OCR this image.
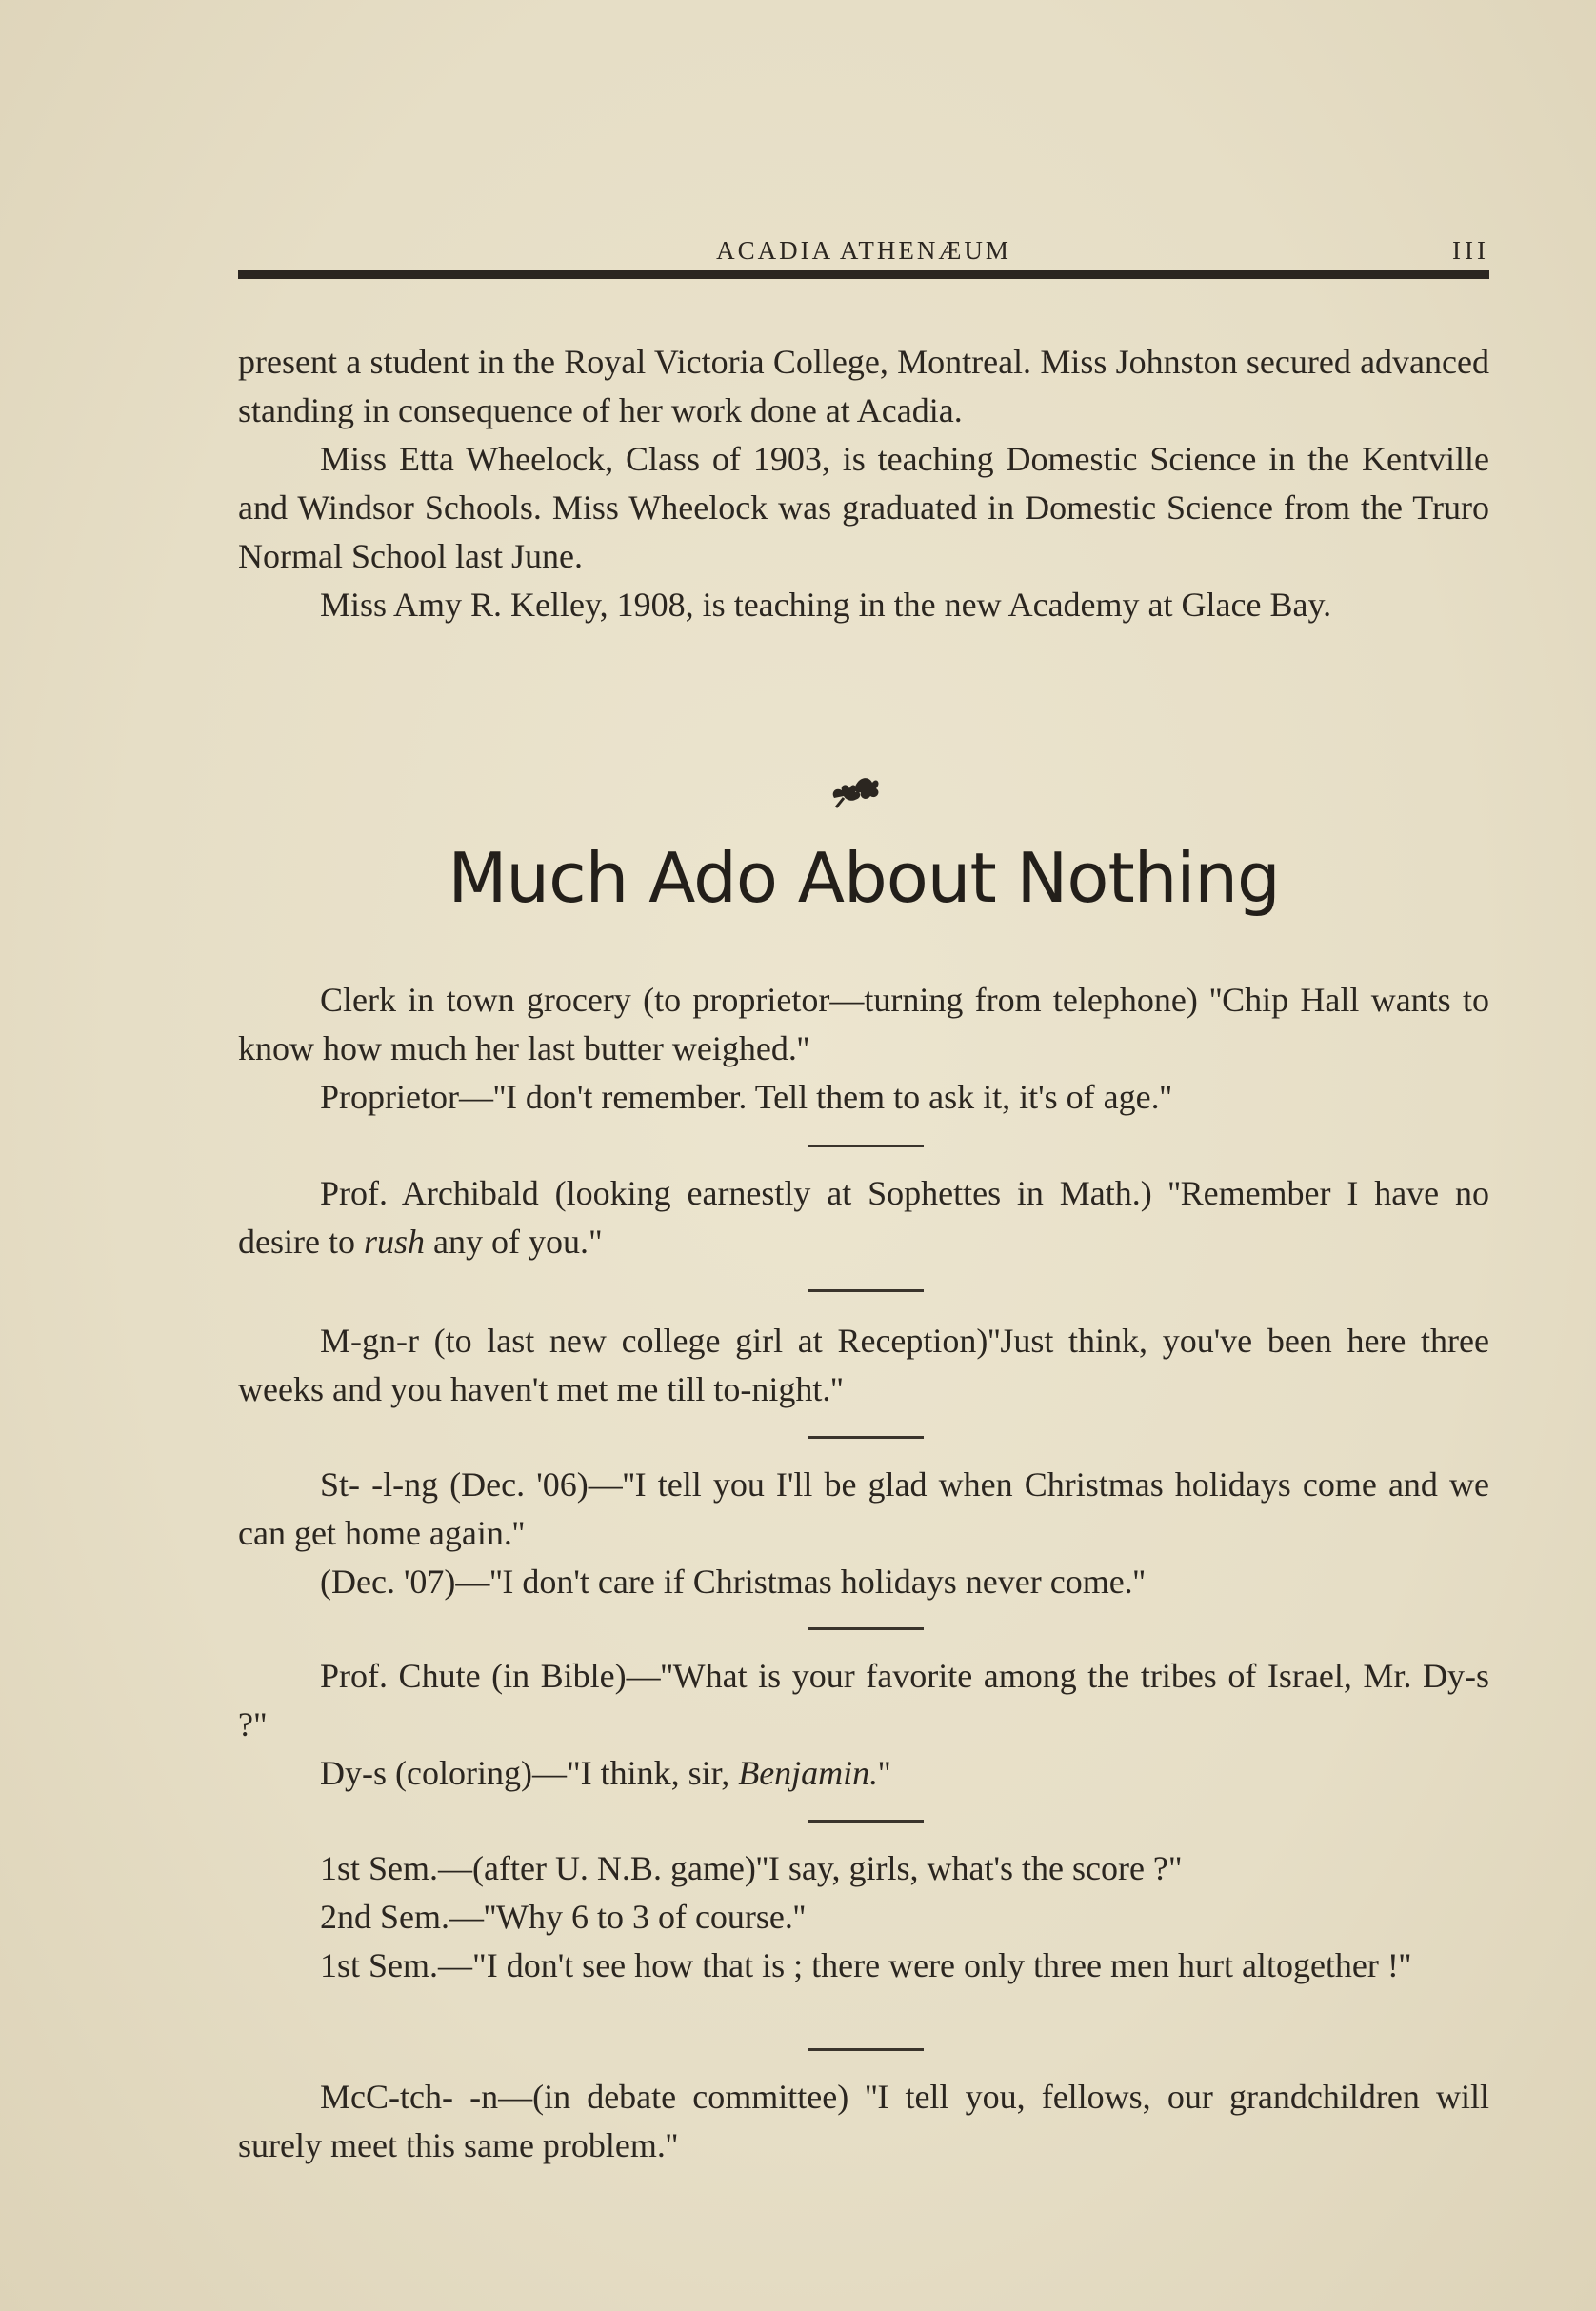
ACADIA ATHENÆUM	III

present a student in the Royal Victoria College, Montreal. Miss Johnston secured advanced standing in consequence of her work done at Acadia.

Miss Etta Wheelock, Class of 1903, is teaching Domestic Science in the Kentville and Windsor Schools. Miss Wheelock was graduated in Domestic Science from the Truro Normal School last June.

Miss Amy R. Kelley, 1908, is teaching in the new Academy at Glace Bay.

Much Ado About Nothing

Clerk in town grocery (to proprietor—turning from telephone) ''Chip Hall wants to know how much her last butter weighed.''

Proprietor—''I don't remember. Tell them to ask it, it's of age.''

Prof. Archibald (looking earnestly at Sophettes in Math.) ''Remember I have no desire to rush any of you."

M-gn-r (to last new college girl at Reception)''Just think, you've been here three weeks and you haven't met me till to-night.''

St- -l-ng (Dec. '06)—''I tell you I'll be glad when Christmas holidays come and we can get home again.''

(Dec. '07)—''I don't care if Christmas holidays never come.''

Prof. Chute (in Bible)—''What is your favorite among the tribes of Israel, Mr. Dy-s ?"

Dy-s (coloring)—"I think, sir, Benjamin.''

1st Sem.—(after U. N.B. game)''I say, girls, what's the score ?"

2nd Sem.—''Why 6 to 3 of course.''

1st Sem.—"I don't see how that is ; there were only three men hurt altogether !''

McC-tch- -n—(in debate committee) ''I tell you, fellows, our grandchildren will surely meet this same problem.''
